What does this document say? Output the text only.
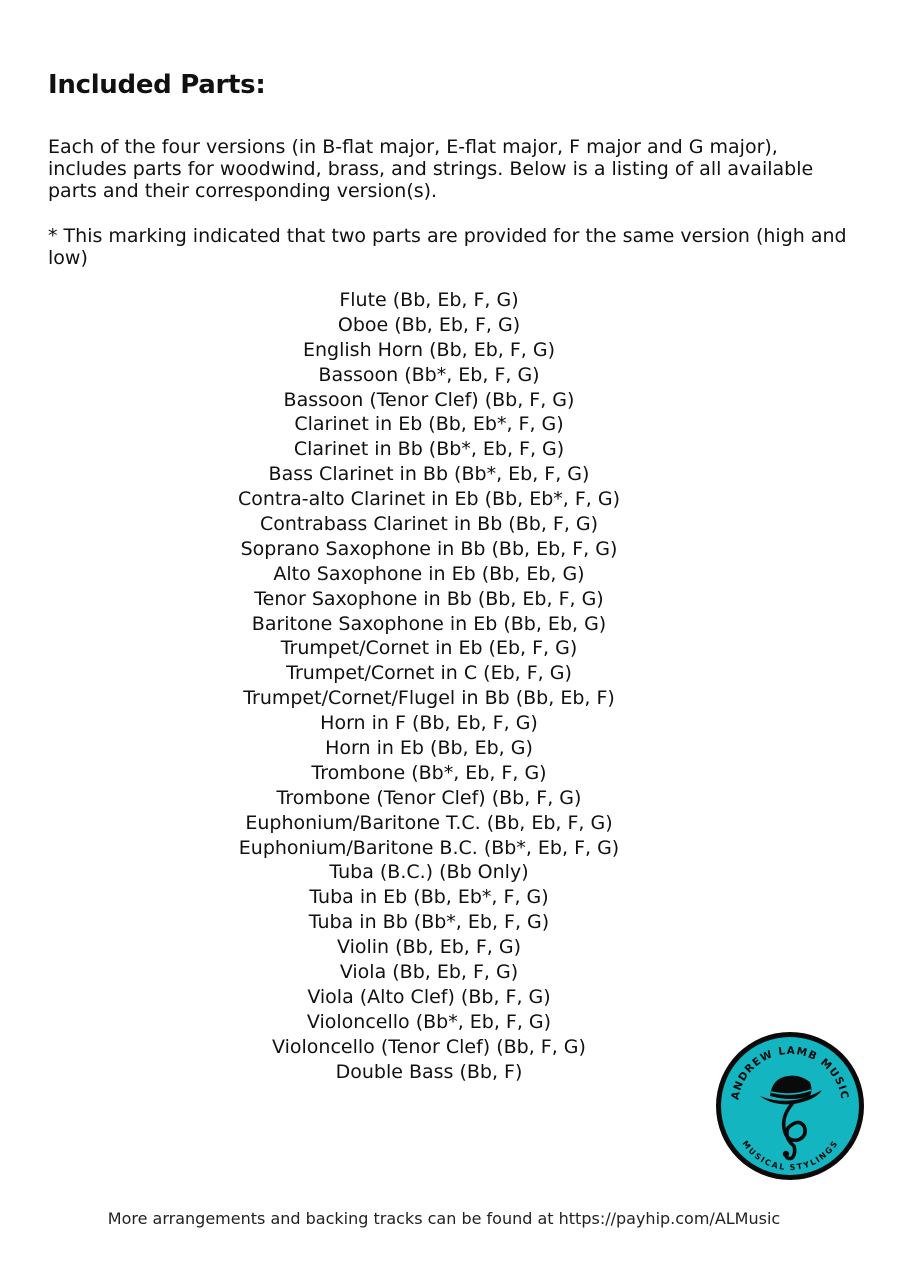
Included Parts:

Each of the four versions (in B-flat major, E-flat major, F major and G major), includes parts for woodwind, brass, and strings. Below is a listing of all available parts and their corresponding version(s).

* This marking indicated that two parts are provided for the same version (high and low)

Flute (Bb, Eb, F, G)
Oboe (Bb, Eb, F, G)
English Horn (Bb, Eb, F, G)
Bassoon (Bb*, Eb, F, G)
Bassoon (Tenor Clef) (Bb, F, G)
Clarinet in Eb (Bb, Eb*, F, G)
Clarinet in Bb (Bb*, Eb, F, G)
Bass Clarinet in Bb (Bb*, Eb, F, G)
Contra-alto Clarinet in Eb (Bb, Eb*, F, G)
Contrabass Clarinet in Bb (Bb, F, G)
Soprano Saxophone in Bb (Bb, Eb, F, G)
Alto Saxophone in Eb (Bb, Eb, G)
Tenor Saxophone in Bb (Bb, Eb, F, G)
Baritone Saxophone in Eb (Bb, Eb, G)
Trumpet/Cornet in Eb (Eb, F, G)
Trumpet/Cornet in C (Eb, F, G)
Trumpet/Cornet/Flugel in Bb (Bb, Eb, F)
Horn in F (Bb, Eb, F, G)
Horn in Eb (Bb, Eb, G)
Trombone (Bb*, Eb, F, G)
Trombone (Tenor Clef) (Bb, F, G)
Euphonium/Baritone T.C. (Bb, Eb, F, G)
Euphonium/Baritone B.C. (Bb*, Eb, F, G)
Tuba (B.C.) (Bb Only)
Tuba in Eb (Bb, Eb*, F, G)
Tuba in Bb (Bb*, Eb, F, G)
Violin (Bb, Eb, F, G)
Viola (Bb, Eb, F, G)
Viola (Alto Clef) (Bb, F, G)
Violoncello (Bb*, Eb, F, G)
Violoncello (Tenor Clef) (Bb, F, G)
Double Bass (Bb, F)
ANDREW LAMB MUSIC
MUSICAL STYLINGS

More arrangements and backing tracks can be found at https://payhip.com/ALMusic
